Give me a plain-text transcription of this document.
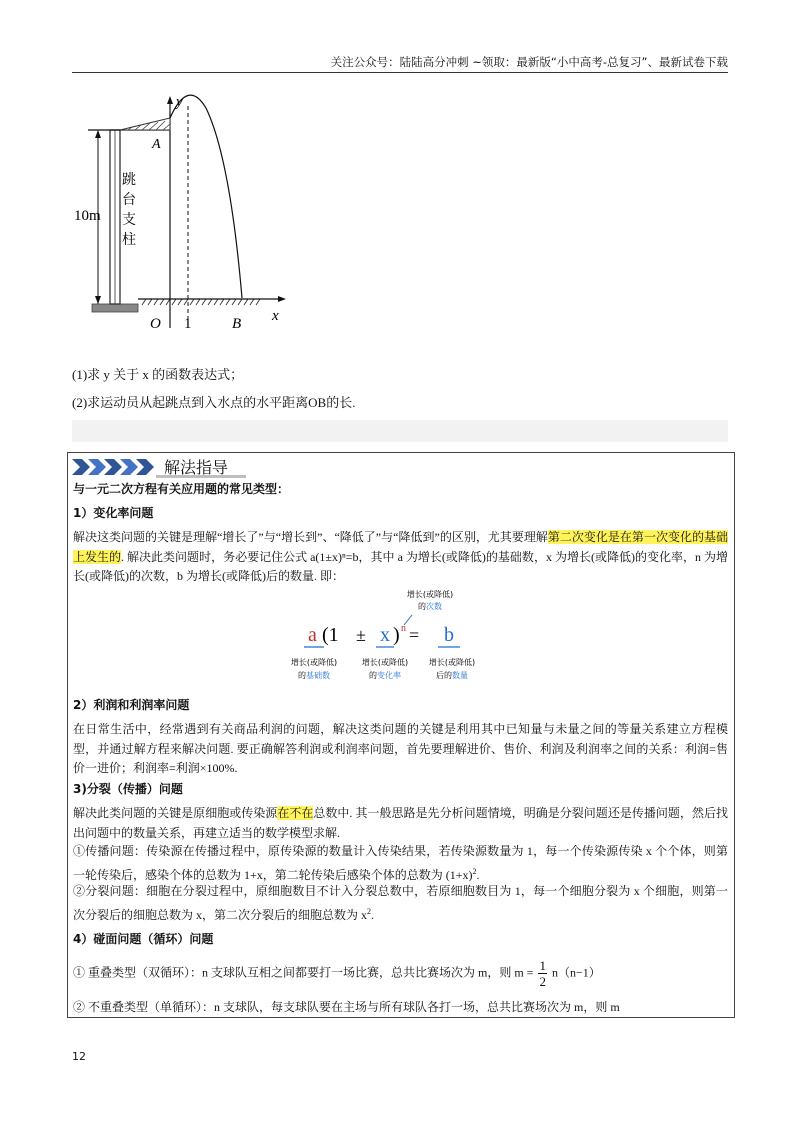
关注公众号：陆陆高分冲刺 ~领取：最新版“小中高考-总复习”、最新试卷下载
y
x
A
O 1	B
10m
跳
台
支
柱
(1)求 y 关于 x 的函数表达式；
(2)求运动员从起跳点到入水点的水平距离OB的长.
解法指导
与一元二次方程有关应用题的常见类型：
1）变化率问题
解决这类问题的关键是理解“增长了”与“增长到”、“降低了”与“降低到”的区别，尤其要理解第二次变化是在第一次变化的基础上发生的. 解决此类问题时，务必要记住公式 a(1±x)ⁿ=b，其中 a 为增长(或降低)的基础数，x 为增长(或降低)的变化率，n 为增长(或降低)的次数，b 为增长(或降低)后的数量. 即：
增长(或降低)
的次数
a (1 ± x ) n = b
增长(或降低)
的基础数
增长(或降低)
的变化率
增长(或降低)
后的数量
2）利润和利润率问题
在日常生活中，经常遇到有关商品利润的问题，解决这类问题的关键是利用其中已知量与未量之间的等量关系建立方程模型，并通过解方程来解决问题. 要正确解答利润或利润率问题，首先要理解进价、售价、利润及利润率之间的关系：利润=售价一进价；利润率=利润×100%.
3)分裂（传播）问题
解决此类问题的关键是原细胞或传染源在不在总数中. 其一般思路是先分析问题情境，明确是分裂问题还是传播问题，然后找出问题中的数量关系，再建立适当的数学模型求解.
①传播问题：传染源在传播过程中，原传染源的数量计入传染结果，若传染源数量为 1，每一个传染源传染 x 个个体，则第一轮传染后，感染个体的总数为 1+x，第二轮传染后感染个体的总数为 $(1+x)^2$.
②分裂问题：细胞在分裂过程中，原细胞数目不计入分裂总数中，若原细胞数目为 1，每一个细胞分裂为 x 个细胞，则第一次分裂后的细胞总数为 x，第二次分裂后的细胞总数为 $x^2$.
4）碰面问题（循环）问题
① 重叠类型（双循环）：n 支球队互相之间都要打一场比赛，总共比赛场次为 m，则 $m = \frac{1}{2} n(n-1)$
② 不重叠类型（单循环）：n 支球队，每支球队要在主场与所有球队各打一场，总共比赛场次为 m，则 m
12
